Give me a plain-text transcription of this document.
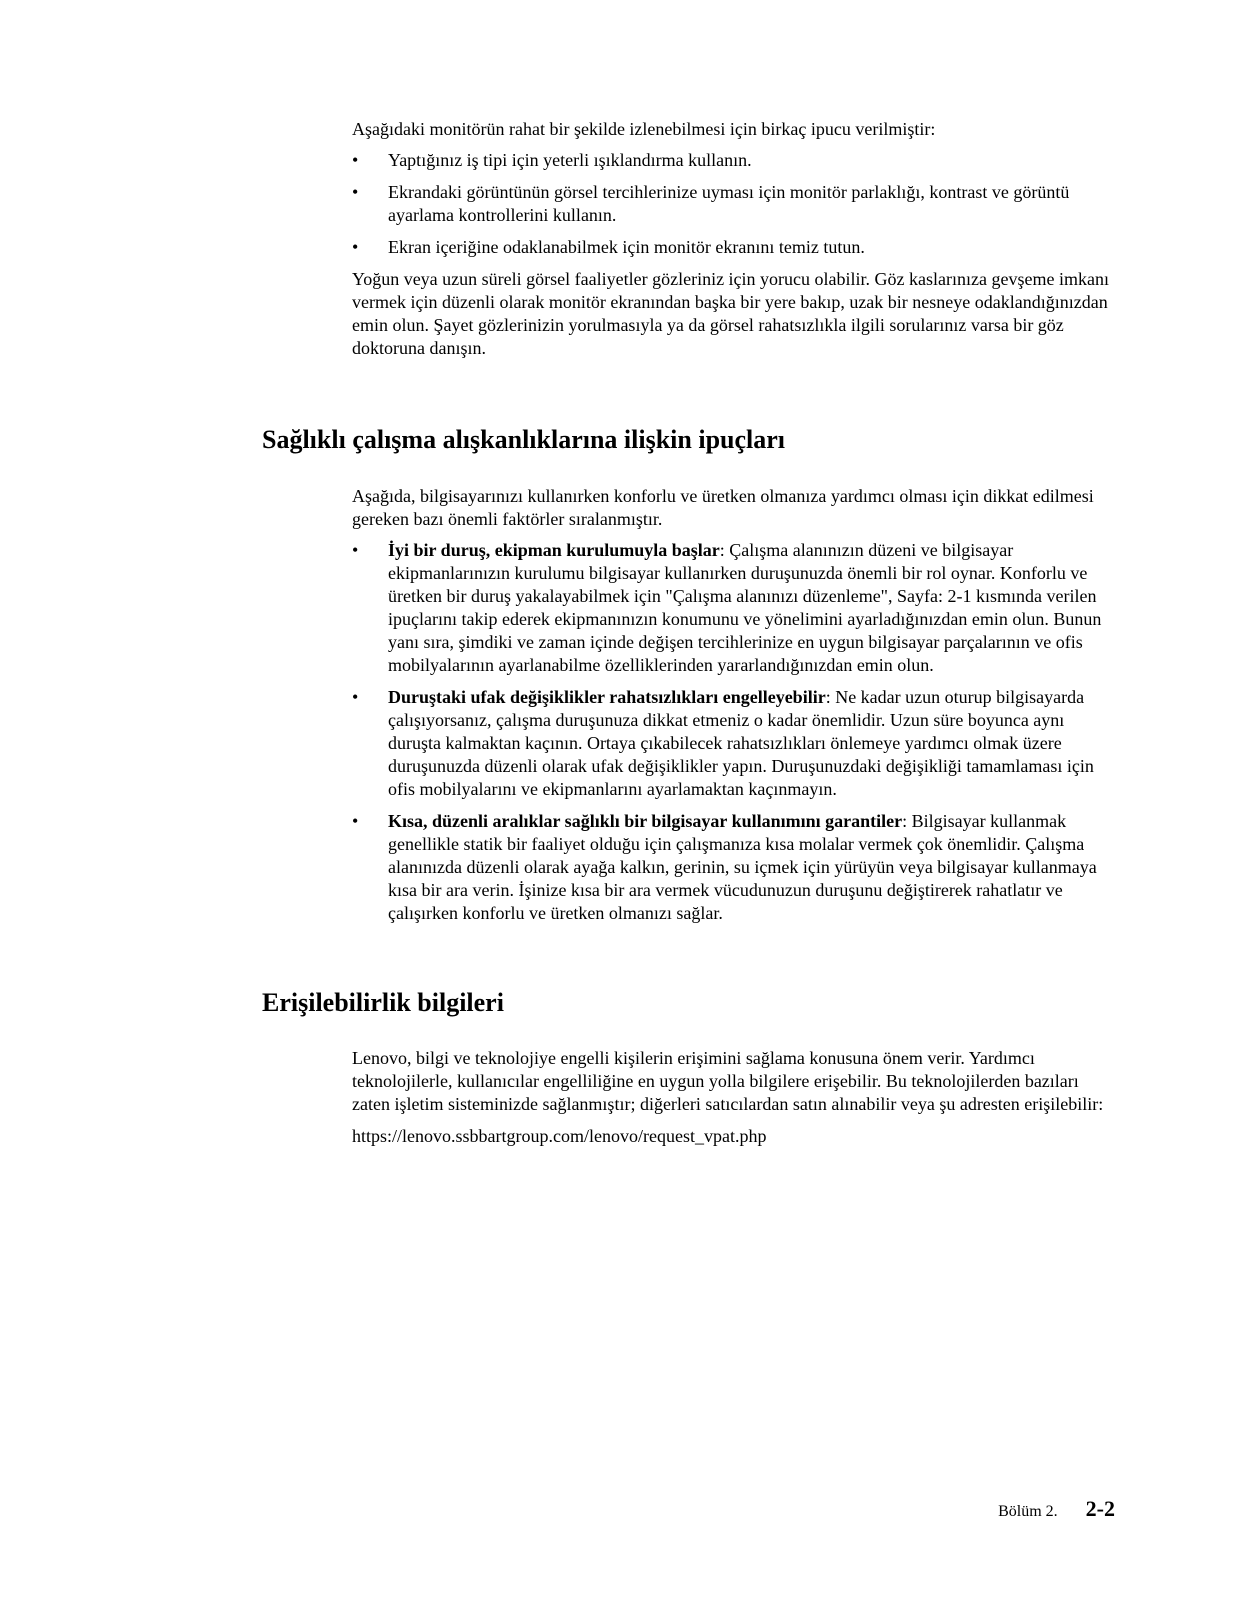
Aşağıdaki monitörün rahat bir şekilde izlenebilmesi için birkaç ipucu verilmiştir:

• Yaptığınız iş tipi için yeterli ışıklandırma kullanın.
• Ekrandaki görüntünün görsel tercihlerinize uyması için monitör parlaklığı, kontrast ve görüntü ayarlama kontrollerini kullanın.
• Ekran içeriğine odaklanabilmek için monitör ekranını temiz tutun.

Yoğun veya uzun süreli görsel faaliyetler gözleriniz için yorucu olabilir. Göz kaslarınıza gevşeme imkanı vermek için düzenli olarak monitör ekranından başka bir yere bakıp, uzak bir nesneye odaklandığınızdan emin olun. Şayet gözlerinizin yorulmasıyla ya da görsel rahatsızlıkla ilgili sorularınız varsa bir göz doktoruna danışın.

Sağlıklı çalışma alışkanlıklarına ilişkin ipuçları

Aşağıda, bilgisayarınızı kullanırken konforlu ve üretken olmanıza yardımcı olması için dikkat edilmesi gereken bazı önemli faktörler sıralanmıştır.

• İyi bir duruş, ekipman kurulumuyla başlar: Çalışma alanınızın düzeni ve bilgisayar ekipmanlarınızın kurulumu bilgisayar kullanırken duruşunuzda önemli bir rol oynar. Konforlu ve üretken bir duruş yakalayabilmek için "Çalışma alanınızı düzenleme", Sayfa: 2-1 kısmında verilen ipuçlarını takip ederek ekipmanınızın konumunu ve yönelimini ayarladığınızdan emin olun. Bunun yanı sıra, şimdiki ve zaman içinde değişen tercihlerinize en uygun bilgisayar parçalarının ve ofis mobilyalarının ayarlanabilme özelliklerinden yararlandığınızdan emin olun.
• Duruştaki ufak değişiklikler rahatsızlıkları engelleyebilir: Ne kadar uzun oturup bilgisayarda çalışıyorsanız, çalışma duruşunuza dikkat etmeniz o kadar önemlidir. Uzun süre boyunca aynı duruşta kalmaktan kaçının. Ortaya çıkabilecek rahatsızlıkları önlemeye yardımcı olmak üzere duruşunuzda düzenli olarak ufak değişiklikler yapın. Duruşunuzdaki değişikliği tamamlaması için ofis mobilyalarını ve ekipmanlarını ayarlamaktan kaçınmayın.
• Kısa, düzenli aralıklar sağlıklı bir bilgisayar kullanımını garantiler: Bilgisayar kullanmak genellikle statik bir faaliyet olduğu için çalışmanıza kısa molalar vermek çok önemlidir. Çalışma alanınızda düzenli olarak ayağa kalkın, gerinin, su içmek için yürüyün veya bilgisayar kullanmaya kısa bir ara verin. İşinize kısa bir ara vermek vücudunuzun duruşunu değiştirerek rahatlatır ve çalışırken konforlu ve üretken olmanızı sağlar.
Erişilebilirlik bilgileri

Lenovo, bilgi ve teknolojiye engelli kişilerin erişimini sağlama konusuna önem verir. Yardımcı teknolojilerle, kullanıcılar engelliliğine en uygun yolla bilgilere erişebilir. Bu teknolojilerden bazıları zaten işletim sisteminizde sağlanmıştır; diğerleri satıcılardan satın alınabilir veya şu adresten erişilebilir:

https://lenovo.ssbbartgroup.com/lenovo/request_vpat.php

Bölüm 2. 2-2
